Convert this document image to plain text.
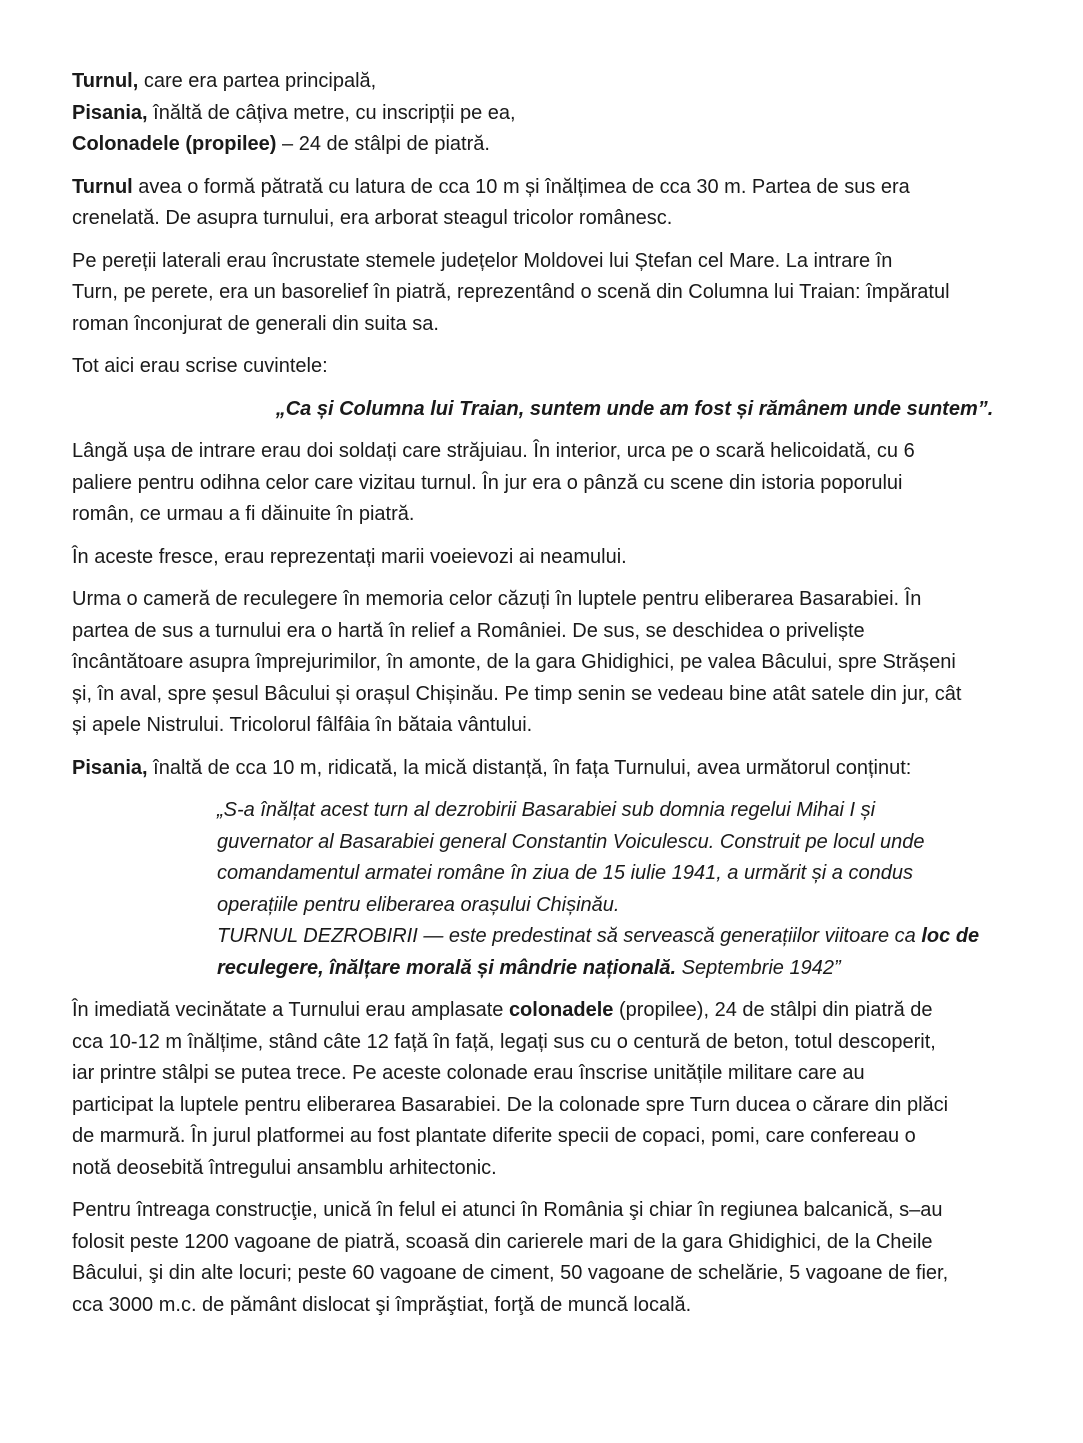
Turnul, care era partea principală,

Pisania, înăltă de câțiva metre, cu inscripții pe ea,

Colonadele (propilee) – 24 de stâlpi de piatră.

Turnul avea o formă pătrată cu latura de cca 10 m și înălțimea de cca 30 m. Partea de sus era

crenelată. De asupra turnului, era arborat steagul tricolor românesc.

Pe pereții laterali erau încrustate stemele județelor Moldovei lui Ștefan cel Mare. La intrare în

Turn, pe perete, era un basorelief în piatră, reprezentând o scenă din Columna lui Traian: împăratul

roman înconjurat de generali din suita sa.

Tot aici erau scrise cuvintele:

„Ca și Columna lui Traian, suntem unde am fost și rămânem unde suntem”.

Lângă ușa de intrare erau doi soldați care străjuiau. În interior, urca pe o scară helicoidată, cu 6

paliere pentru odihna celor care vizitau turnul. În jur era o pânză cu scene din istoria poporului

român, ce urmau a fi dăinuite în piatră.

În aceste fresce, erau reprezentați marii voeievozi ai neamului.

Urma o cameră de reculegere în memoria celor căzuți în luptele pentru eliberarea Basarabiei. În

partea de sus a turnului era o hartă în relief a României. De sus, se deschidea o priveliște

încântătoare asupra împrejurimilor, în amonte, de la gara Ghidighici, pe valea Bâcului, spre Strășeni

și, în aval, spre șesul Bâcului și orașul Chișinău. Pe timp senin se vedeau bine atât satele din jur, cât

și apele Nistrului. Tricolorul fâlfâia în bătaia vântului.

Pisania, înaltă de cca 10 m, ridicată, la mică distanță, în fața Turnului, avea următorul conținut:

„S-a înălțat acest turn al dezrobirii Basarabiei sub domnia regelui Mihai I și

guvernator al Basarabiei general Constantin Voiculescu. Construit pe locul unde

comandamentul armatei române în ziua de 15 iulie 1941, a urmărit și a condus

operațiile pentru eliberarea orașului Chișinău.

TURNUL DEZROBIRII — este predestinat să servească generațiilor viitoare ca loc de

reculegere, înălțare morală și mândrie națională. Septembrie 1942”

În imediată vecinătate a Turnului erau amplasate colonadele (propilee), 24 de stâlpi din piatră de

cca 10-12 m înălțime, stând câte 12 față în față, legați sus cu o centură de beton, totul descoperit,

iar printre stâlpi se putea trece. Pe aceste colonade erau înscrise unitățile militare care au

participat la luptele pentru eliberarea Basarabiei. De la colonade spre Turn ducea o cărare din plăci

de marmură. În jurul platformei au fost plantate diferite specii de copaci, pomi, care confereau o

notă deosebită întregului ansamblu arhitectonic.

Pentru întreaga construcţie, unică în felul ei atunci în România şi chiar în regiunea balcanică, s–au

folosit peste 1200 vagoane de piatră, scoasă din carierele mari de la gara Ghidighici, de la Cheile

Bâcului, şi din alte locuri; peste 60 vagoane de ciment, 50 vagoane de schelărie, 5 vagoane de fier,

cca 3000 m.c. de pământ dislocat şi împrăştiat, forţă de muncă locală.
